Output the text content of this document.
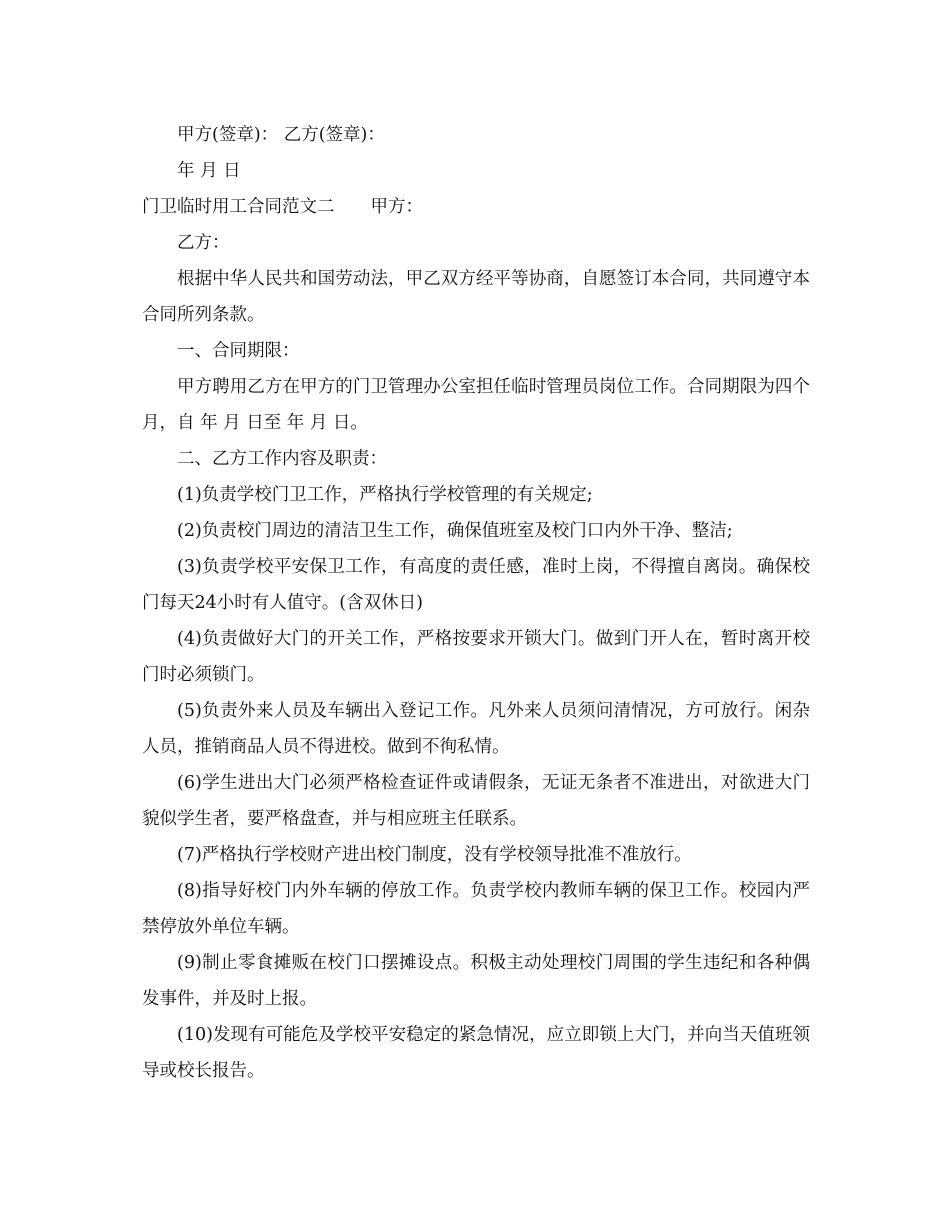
甲方(签章)： 乙方(签章)：

年 月 日

门卫临时用工合同范文二 甲方：

乙方：

根据中华人民共和国劳动法，甲乙双方经平等协商，自愿签订本合同，共同遵守本合同所列条款。

一、合同期限：

甲方聘用乙方在甲方的门卫管理办公室担任临时管理员岗位工作。合同期限为四个月，自 年 月 日至 年 月 日。

二、乙方工作内容及职责：

(1)负责学校门卫工作，严格执行学校管理的有关规定;

(2)负责校门周边的清洁卫生工作，确保值班室及校门口内外干净、整洁;

(3)负责学校平安保卫工作，有高度的责任感，准时上岗，不得擅自离岗。确保校门每天24小时有人值守。(含双休日)

(4)负责做好大门的开关工作，严格按要求开锁大门。做到门开人在，暂时离开校门时必须锁门。

(5)负责外来人员及车辆出入登记工作。凡外来人员须问清情况，方可放行。闲杂人员，推销商品人员不得进校。做到不徇私情。

(6)学生进出大门必须严格检查证件或请假条，无证无条者不准进出，对欲进大门貌似学生者，要严格盘查，并与相应班主任联系。

(7)严格执行学校财产进出校门制度，没有学校领导批准不准放行。

(8)指导好校门内外车辆的停放工作。负责学校内教师车辆的保卫工作。校园内严禁停放外单位车辆。

(9)制止零食摊贩在校门口摆摊设点。积极主动处理校门周围的学生违纪和各种偶发事件，并及时上报。

(10)发现有可能危及学校平安稳定的紧急情况，应立即锁上大门，并向当天值班领导或校长报告。
